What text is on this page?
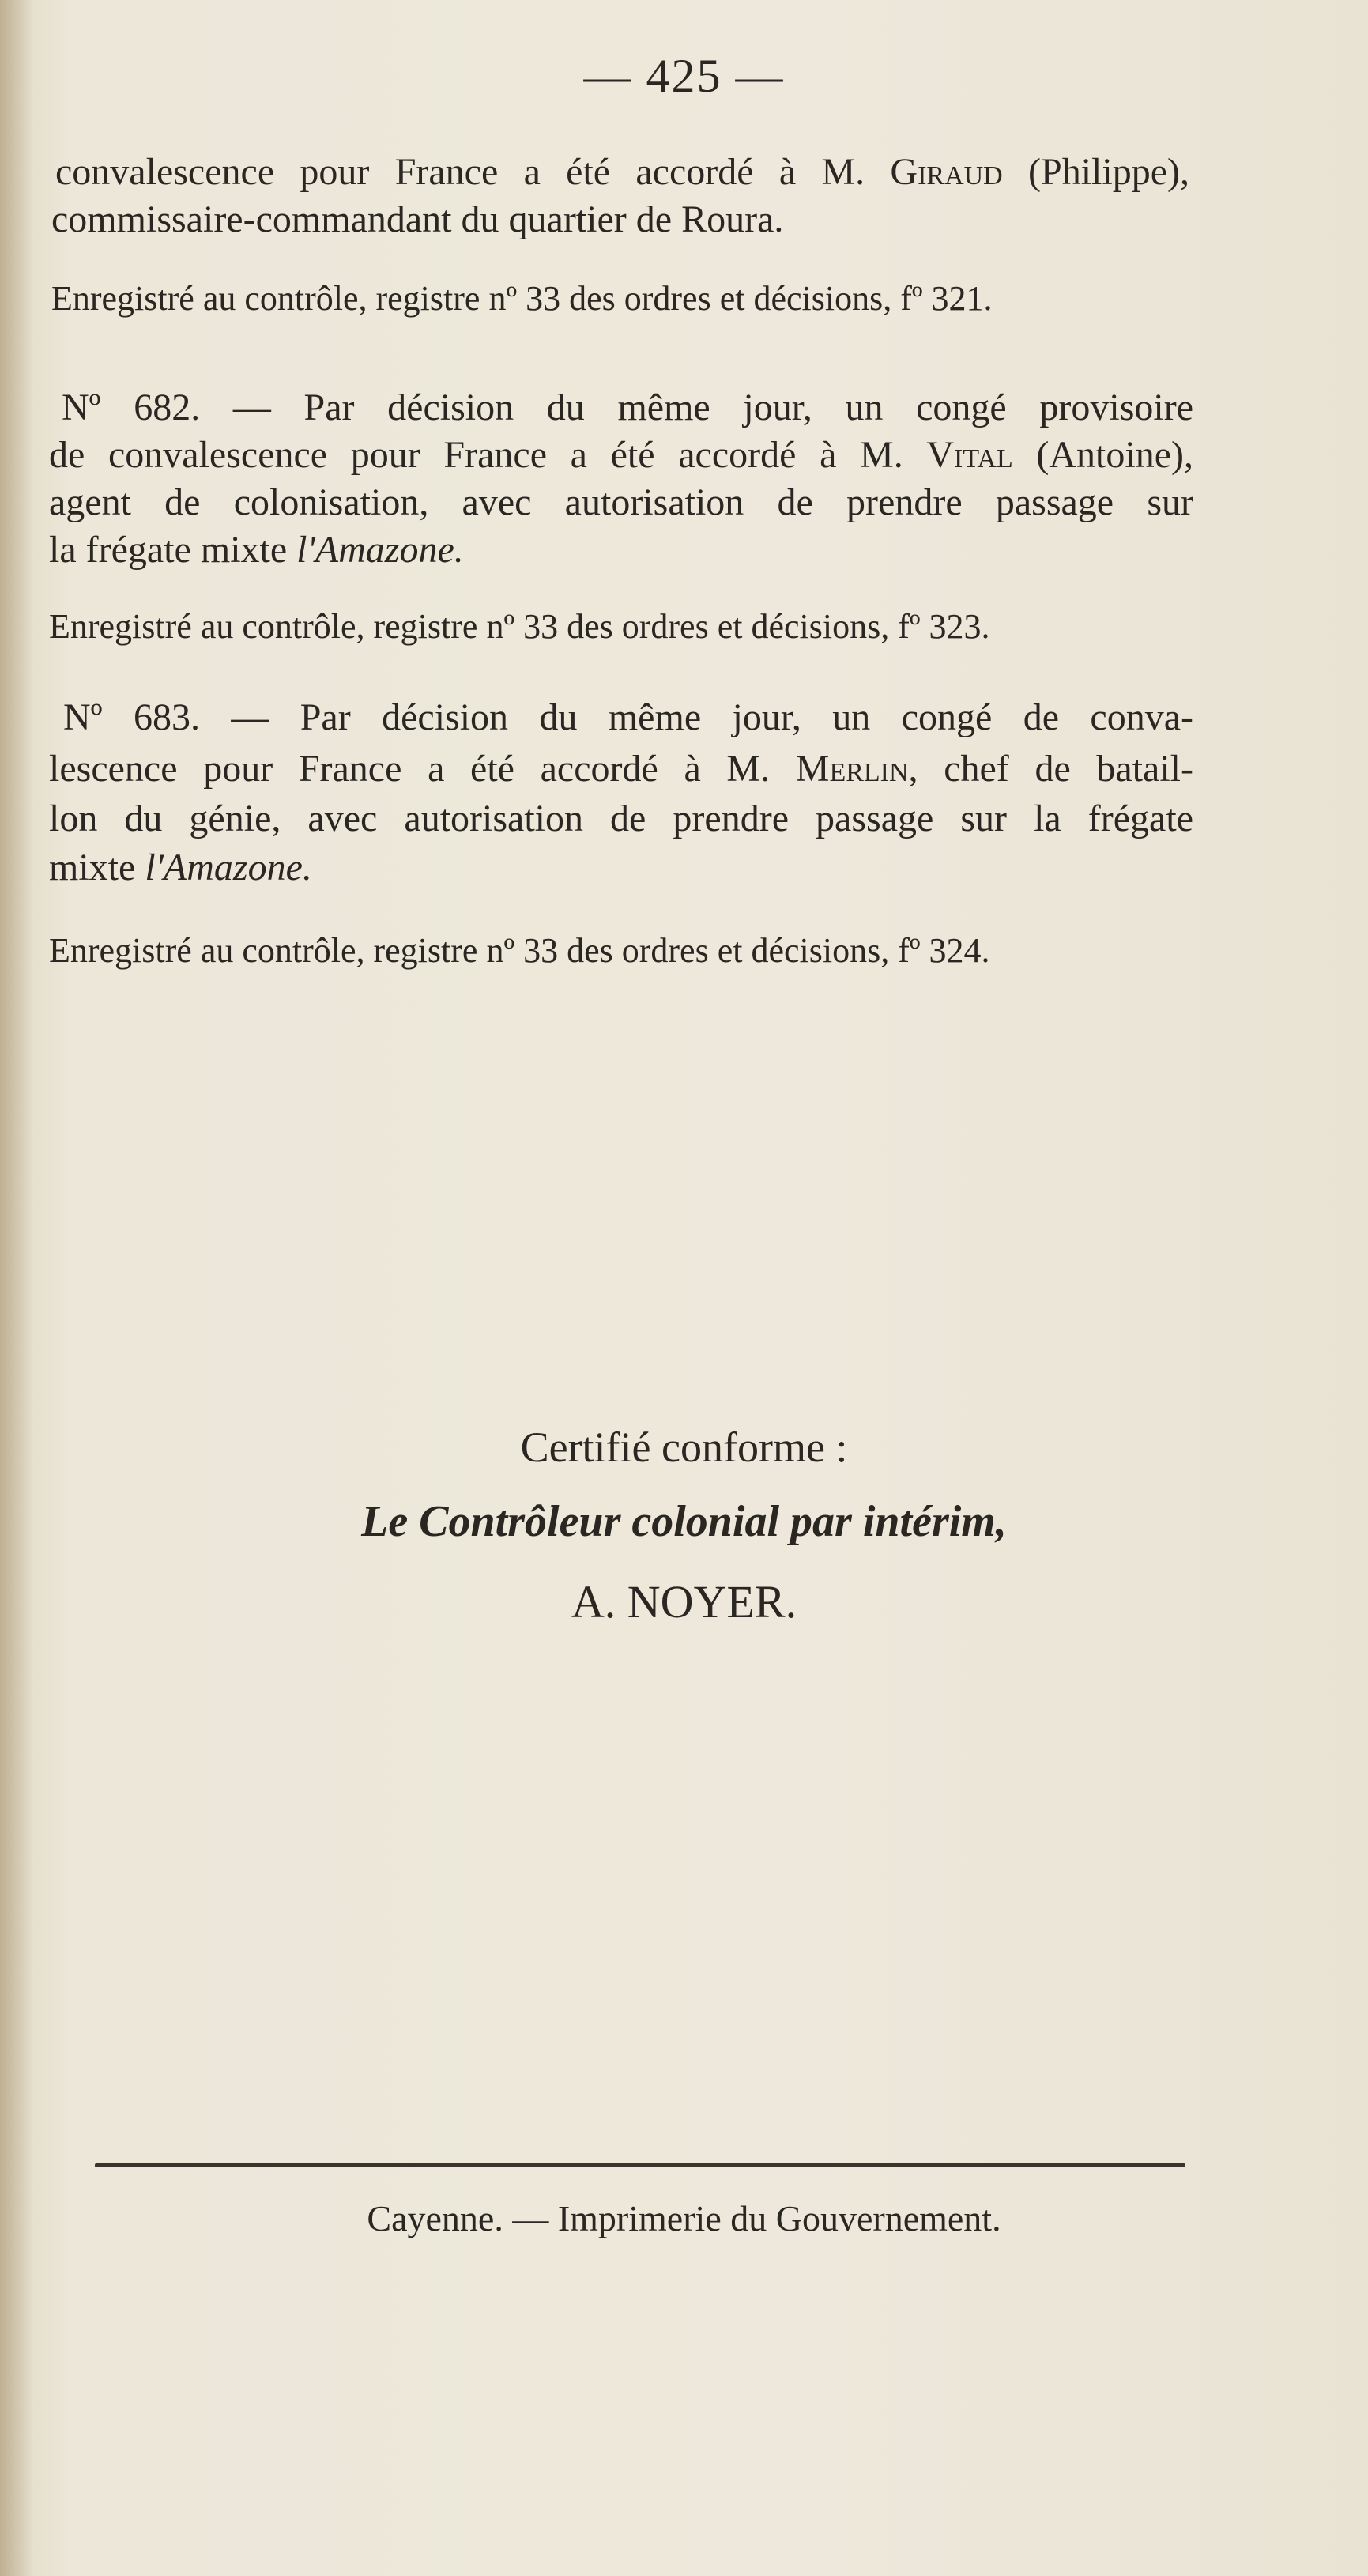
— 425 —
convalescence pour France a été accordé à M. Giraud (Philippe),
commissaire-commandant du quartier de Roura.
Enregistré au contrôle, registre nº 33 des ordres et décisions, fº 321.
Nº 682. — Par décision du même jour, un congé provisoire
de convalescence pour France a été accordé à M. Vital (Antoine),
agent de colonisation, avec autorisation de prendre passage sur
la frégate mixte l'Amazone.
Enregistré au contrôle, registre nº 33 des ordres et décisions, fº 323.
Nº 683. — Par décision du même jour, un congé de conva-
lescence pour France a été accordé à M. Merlin, chef de batail-
lon du génie, avec autorisation de prendre passage sur la frégate
mixte l'Amazone.
Enregistré au contrôle, registre nº 33 des ordres et décisions, fº 324.
Certifié conforme :
Le Contrôleur colonial par intérim,
A. NOYER.
Cayenne. — Imprimerie du Gouvernement.
